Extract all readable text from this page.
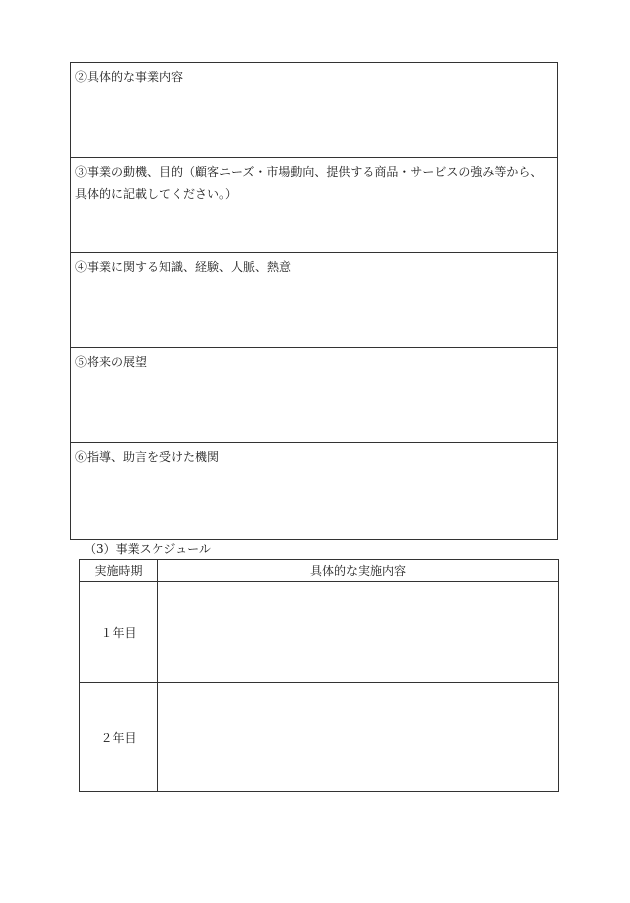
②具体的な事業内容
③事業の動機、目的（顧客ニーズ・市場動向、提供する商品・サービスの強み等から、具体的に記載してください。）
④事業に関する知識、経験、人脈、熱意
⑤将来の展望
⑥指導、助言を受けた機関
（3）事業スケジュール
実施時期	具体的な実施内容
１年目	
２年目	
